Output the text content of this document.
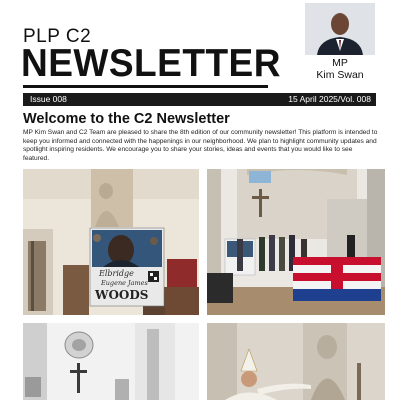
PLP C2
NEWSLETTER	MP
Kim Swan
Issue 008	15 April 2025/Vol. 008
Welcome to the C2 Newsletter
MP Kim Swan and C2 Team are pleased to share the 8th edition of our community newsletter! This platform is intended to keep you informed and connected with the happenings in our neighborhood. We plan to highlight community updates and spotlight inspiring residents. We encourage you to share your stories, ideas and events that you would like to see featured.
Elbridge
Eugene James
WOODS
